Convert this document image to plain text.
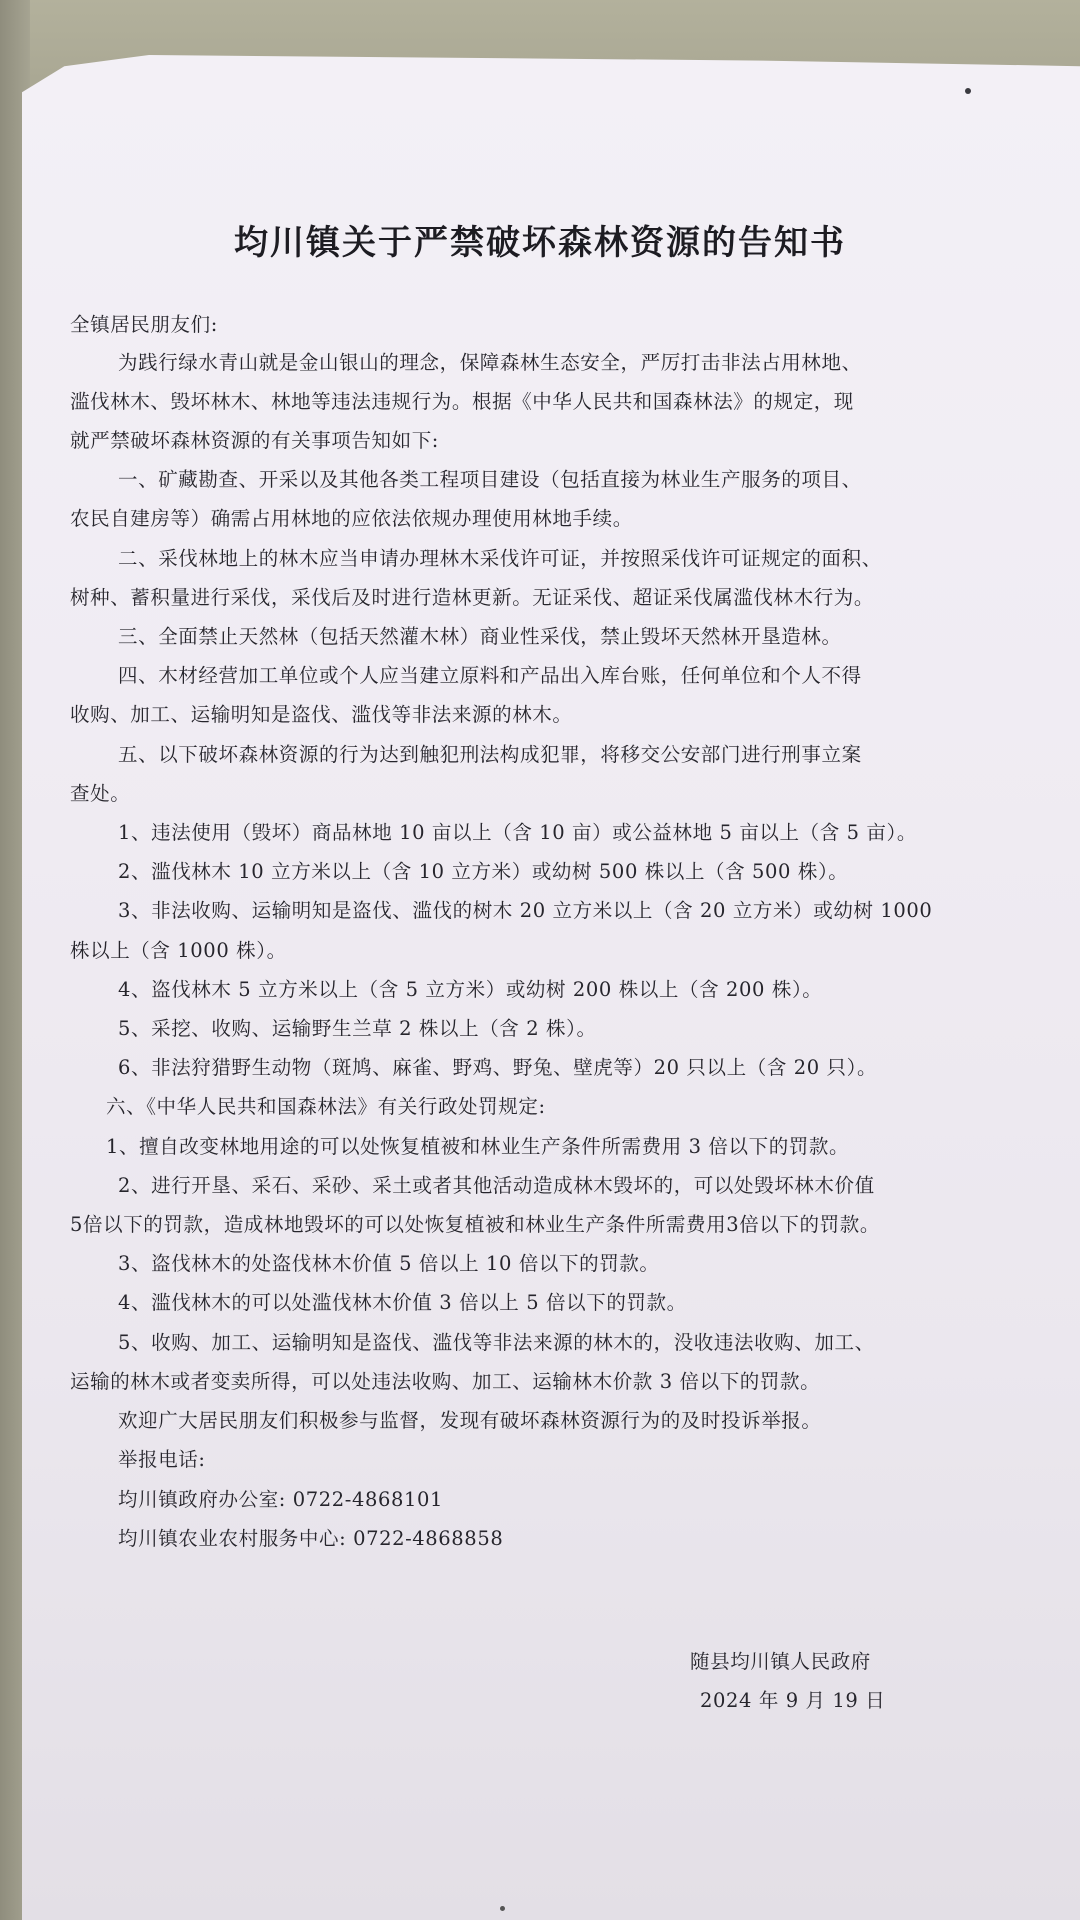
均川镇关于严禁破坏森林资源的告知书
全镇居民朋友们:
为践行绿水青山就是金山银山的理念，保障森林生态安全，严厉打击非法占用林地、
滥伐林木、毁坏林木、林地等违法违规行为。根据《中华人民共和国森林法》的规定，现
就严禁破坏森林资源的有关事项告知如下:
一、矿藏勘查、开采以及其他各类工程项目建设（包括直接为林业生产服务的项目、
农民自建房等）确需占用林地的应依法依规办理使用林地手续。
二、采伐林地上的林木应当申请办理林木采伐许可证，并按照采伐许可证规定的面积、
树种、蓄积量进行采伐，采伐后及时进行造林更新。无证采伐、超证采伐属滥伐林木行为。
三、全面禁止天然林（包括天然灌木林）商业性采伐，禁止毁坏天然林开垦造林。
四、木材经营加工单位或个人应当建立原料和产品出入库台账，任何单位和个人不得
收购、加工、运输明知是盗伐、滥伐等非法来源的林木。
五、以下破坏森林资源的行为达到触犯刑法构成犯罪，将移交公安部门进行刑事立案
查处。
1、违法使用（毁坏）商品林地 10 亩以上（含 10 亩）或公益林地 5 亩以上（含 5 亩）。
2、滥伐林木 10 立方米以上（含 10 立方米）或幼树 500 株以上（含 500 株）。
3、非法收购、运输明知是盗伐、滥伐的树木 20 立方米以上（含 20 立方米）或幼树 1000
株以上（含 1000 株）。
4、盗伐林木 5 立方米以上（含 5 立方米）或幼树 200 株以上（含 200 株）。
5、采挖、收购、运输野生兰草 2 株以上（含 2 株）。
6、非法狩猎野生动物（斑鸠、麻雀、野鸡、野兔、壁虎等）20 只以上（含 20 只）。
六、《中华人民共和国森林法》有关行政处罚规定:
1、擅自改变林地用途的可以处恢复植被和林业生产条件所需费用 3 倍以下的罚款。
2、进行开垦、采石、采砂、采土或者其他活动造成林木毁坏的，可以处毁坏林木价值
5倍以下的罚款，造成林地毁坏的可以处恢复植被和林业生产条件所需费用3倍以下的罚款。
3、盗伐林木的处盗伐林木价值 5 倍以上 10 倍以下的罚款。
4、滥伐林木的可以处滥伐林木价值 3 倍以上 5 倍以下的罚款。
5、收购、加工、运输明知是盗伐、滥伐等非法来源的林木的，没收违法收购、加工、
运输的林木或者变卖所得，可以处违法收购、加工、运输林木价款 3 倍以下的罚款。
欢迎广大居民朋友们积极参与监督，发现有破坏森林资源行为的及时投诉举报。
举报电话:
均川镇政府办公室: 0722-4868101
均川镇农业农村服务中心: 0722-4868858
随县均川镇人民政府
2024 年 9 月 19 日
